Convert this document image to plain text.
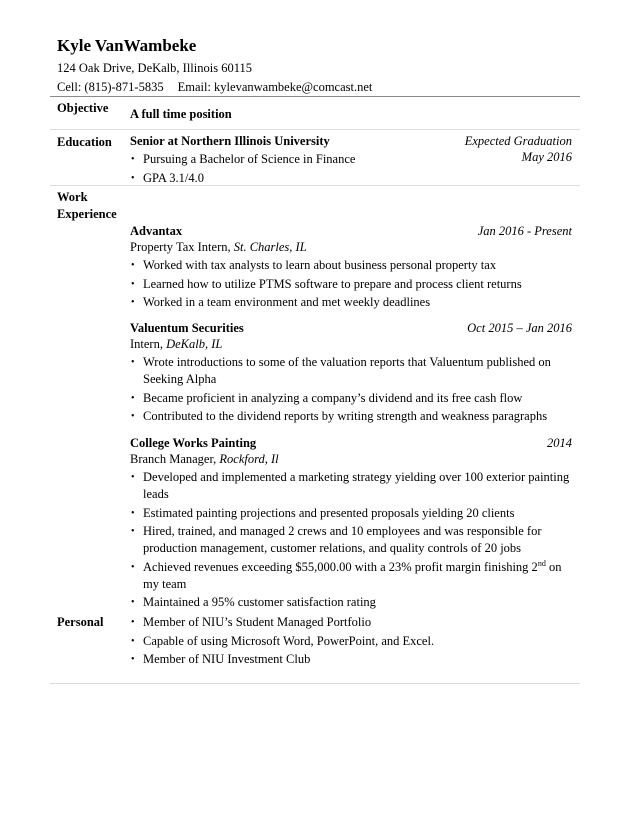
Kyle VanWambeke
124 Oak Drive, DeKalb, Illinois 60115
Cell: (815)-871-5835 Email: kylevanwambeke@comcast.net
Objective A full time position
Education Senior at Northern Illinois University	Expected Graduation
May 2016
• Pursuing a Bachelor of Science in Finance
• GPA 3.1/4.0
Work
Experience
Advantax	Jan 2016 - Present
Property Tax Intern, St. Charles, IL
• Worked with tax analysts to learn about business personal property tax
• Learned how to utilize PTMS software to prepare and process client returns
• Worked in a team environment and met weekly deadlines
Valuentum Securities	Oct 2015 – Jan 2016
Intern, DeKalb, IL
• Wrote introductions to some of the valuation reports that Valuentum published on Seeking Alpha
• Became proficient in analyzing a company’s dividend and its free cash flow
• Contributed to the dividend reports by writing strength and weakness paragraphs
College Works Painting	2014
Branch Manager, Rockford, Il
• Developed and implemented a marketing strategy yielding over 100 exterior painting leads
• Estimated painting projections and presented proposals yielding 20 clients
• Hired, trained, and managed 2 crews and 10 employees and was responsible for production management, customer relations, and quality controls of 20 jobs
• Achieved revenues exceeding $55,000.00 with a 23% profit margin finishing 2nd on my team
• Maintained a 95% customer satisfaction rating
Personal
•	Member of NIU’s Student Managed Portfolio
• Capable of using Microsoft Word, PowerPoint, and Excel.
• Member of NIU Investment Club
